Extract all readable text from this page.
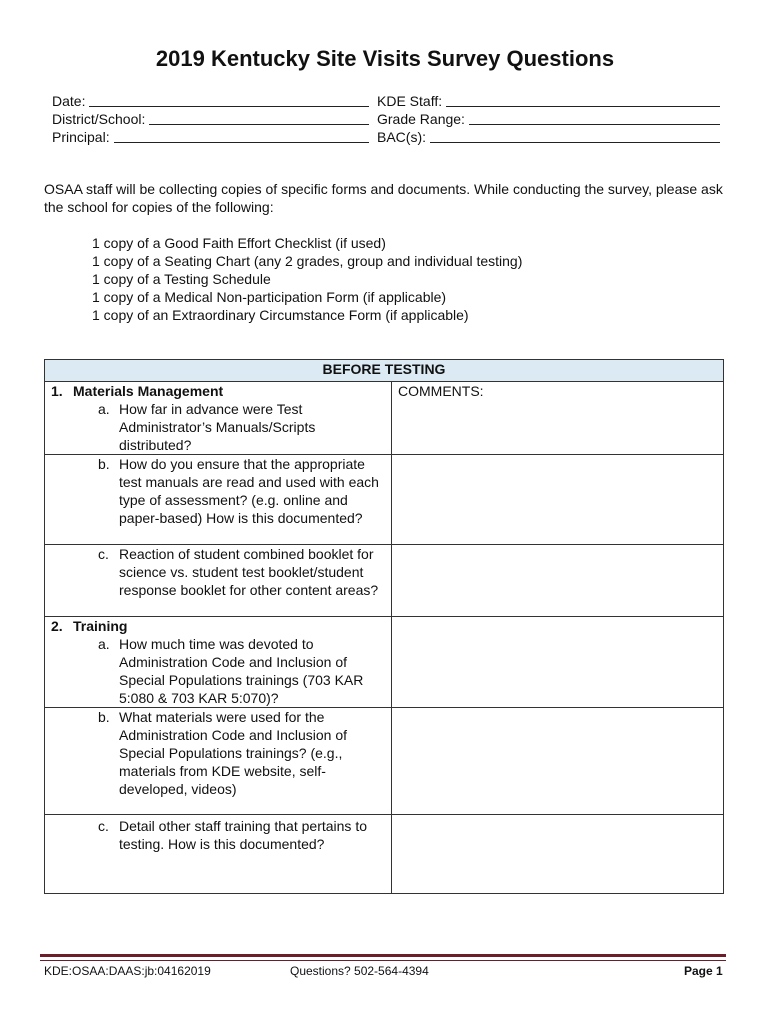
2019 Kentucky Site Visits Survey Questions
Date:
District/School:
Principal:
KDE Staff:
Grade Range:
BAC(s):
OSAA staff will be collecting copies of specific forms and documents. While conducting the survey, please ask the school for copies of the following:
1 copy of a Good Faith Effort Checklist (if used)
1 copy of a Seating Chart (any 2 grades, group and individual testing)
1 copy of a Testing Schedule
1 copy of a Medical Non-participation Form (if applicable)
1 copy of an Extraordinary Circumstance Form (if applicable)
BEFORE TESTING	

1. Materials Management
a. How far in advance were Test Administrator’s Manuals/Scripts distributed?	COMMENTS:

b. How do you ensure that the appropriate test manuals are read and used with each type of assessment? (e.g. online and paper-based) How is this documented?	

c. Reaction of student combined booklet for science vs. student test booklet/student response booklet for other content areas?	

2. Training
a. How much time was devoted to Administration Code and Inclusion of Special Populations trainings (703 KAR 5:080 & 703 KAR 5:070)?	

b. What materials were used for the Administration Code and Inclusion of Special Populations trainings? (e.g., materials from KDE website, self-developed, videos)	

c. Detail other staff training that pertains to testing. How is this documented?	

KDE:OSAA:DAAS:jb:04162019	Questions? 502-564-4394	Page 1
